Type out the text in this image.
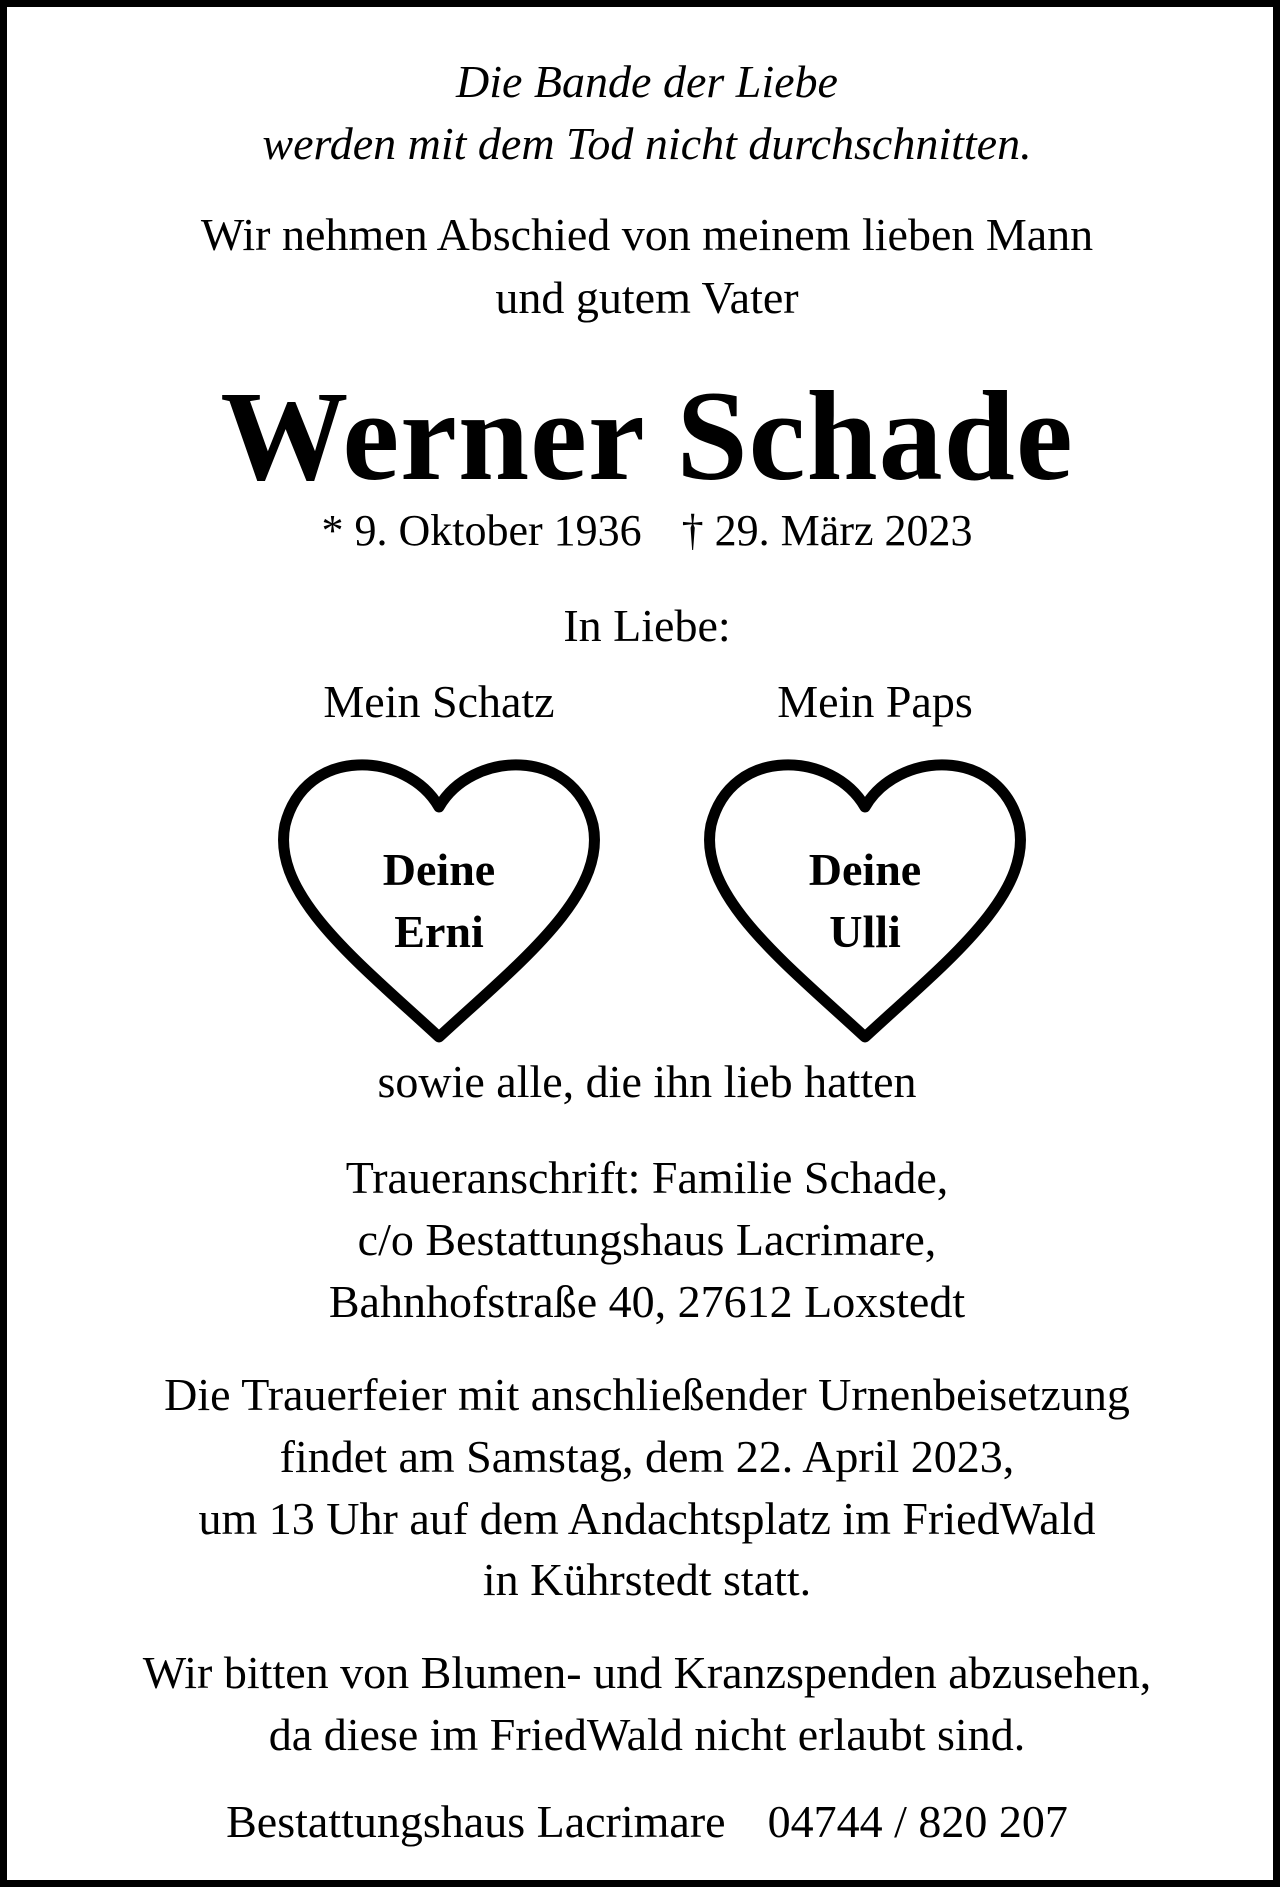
Die Bande der Liebe
werden mit dem Tod nicht durchschnitten.
Wir nehmen Abschied von meinem lieben Mann
und gutem Vater
Werner Schade
* 9. Oktober 1936 † 29. März 2023
In Liebe:
Mein Schatz	Mein Paps
Deine
Erni
Deine
Ulli
sowie alle, die ihn lieb hatten
Traueranschrift: Familie Schade,
c/o Bestattungshaus Lacrimare,
Bahnhofstraße 40, 27612 Loxstedt
Die Trauerfeier mit anschließender Urnenbeisetzung
findet am Samstag, dem 22. April 2023,
um 13 Uhr auf dem Andachtsplatz im FriedWald
in Kührstedt statt.
Wir bitten von Blumen- und Kranzspenden abzusehen,
da diese im FriedWald nicht erlaubt sind.
Bestattungshaus Lacrimare 04744 / 820 207
